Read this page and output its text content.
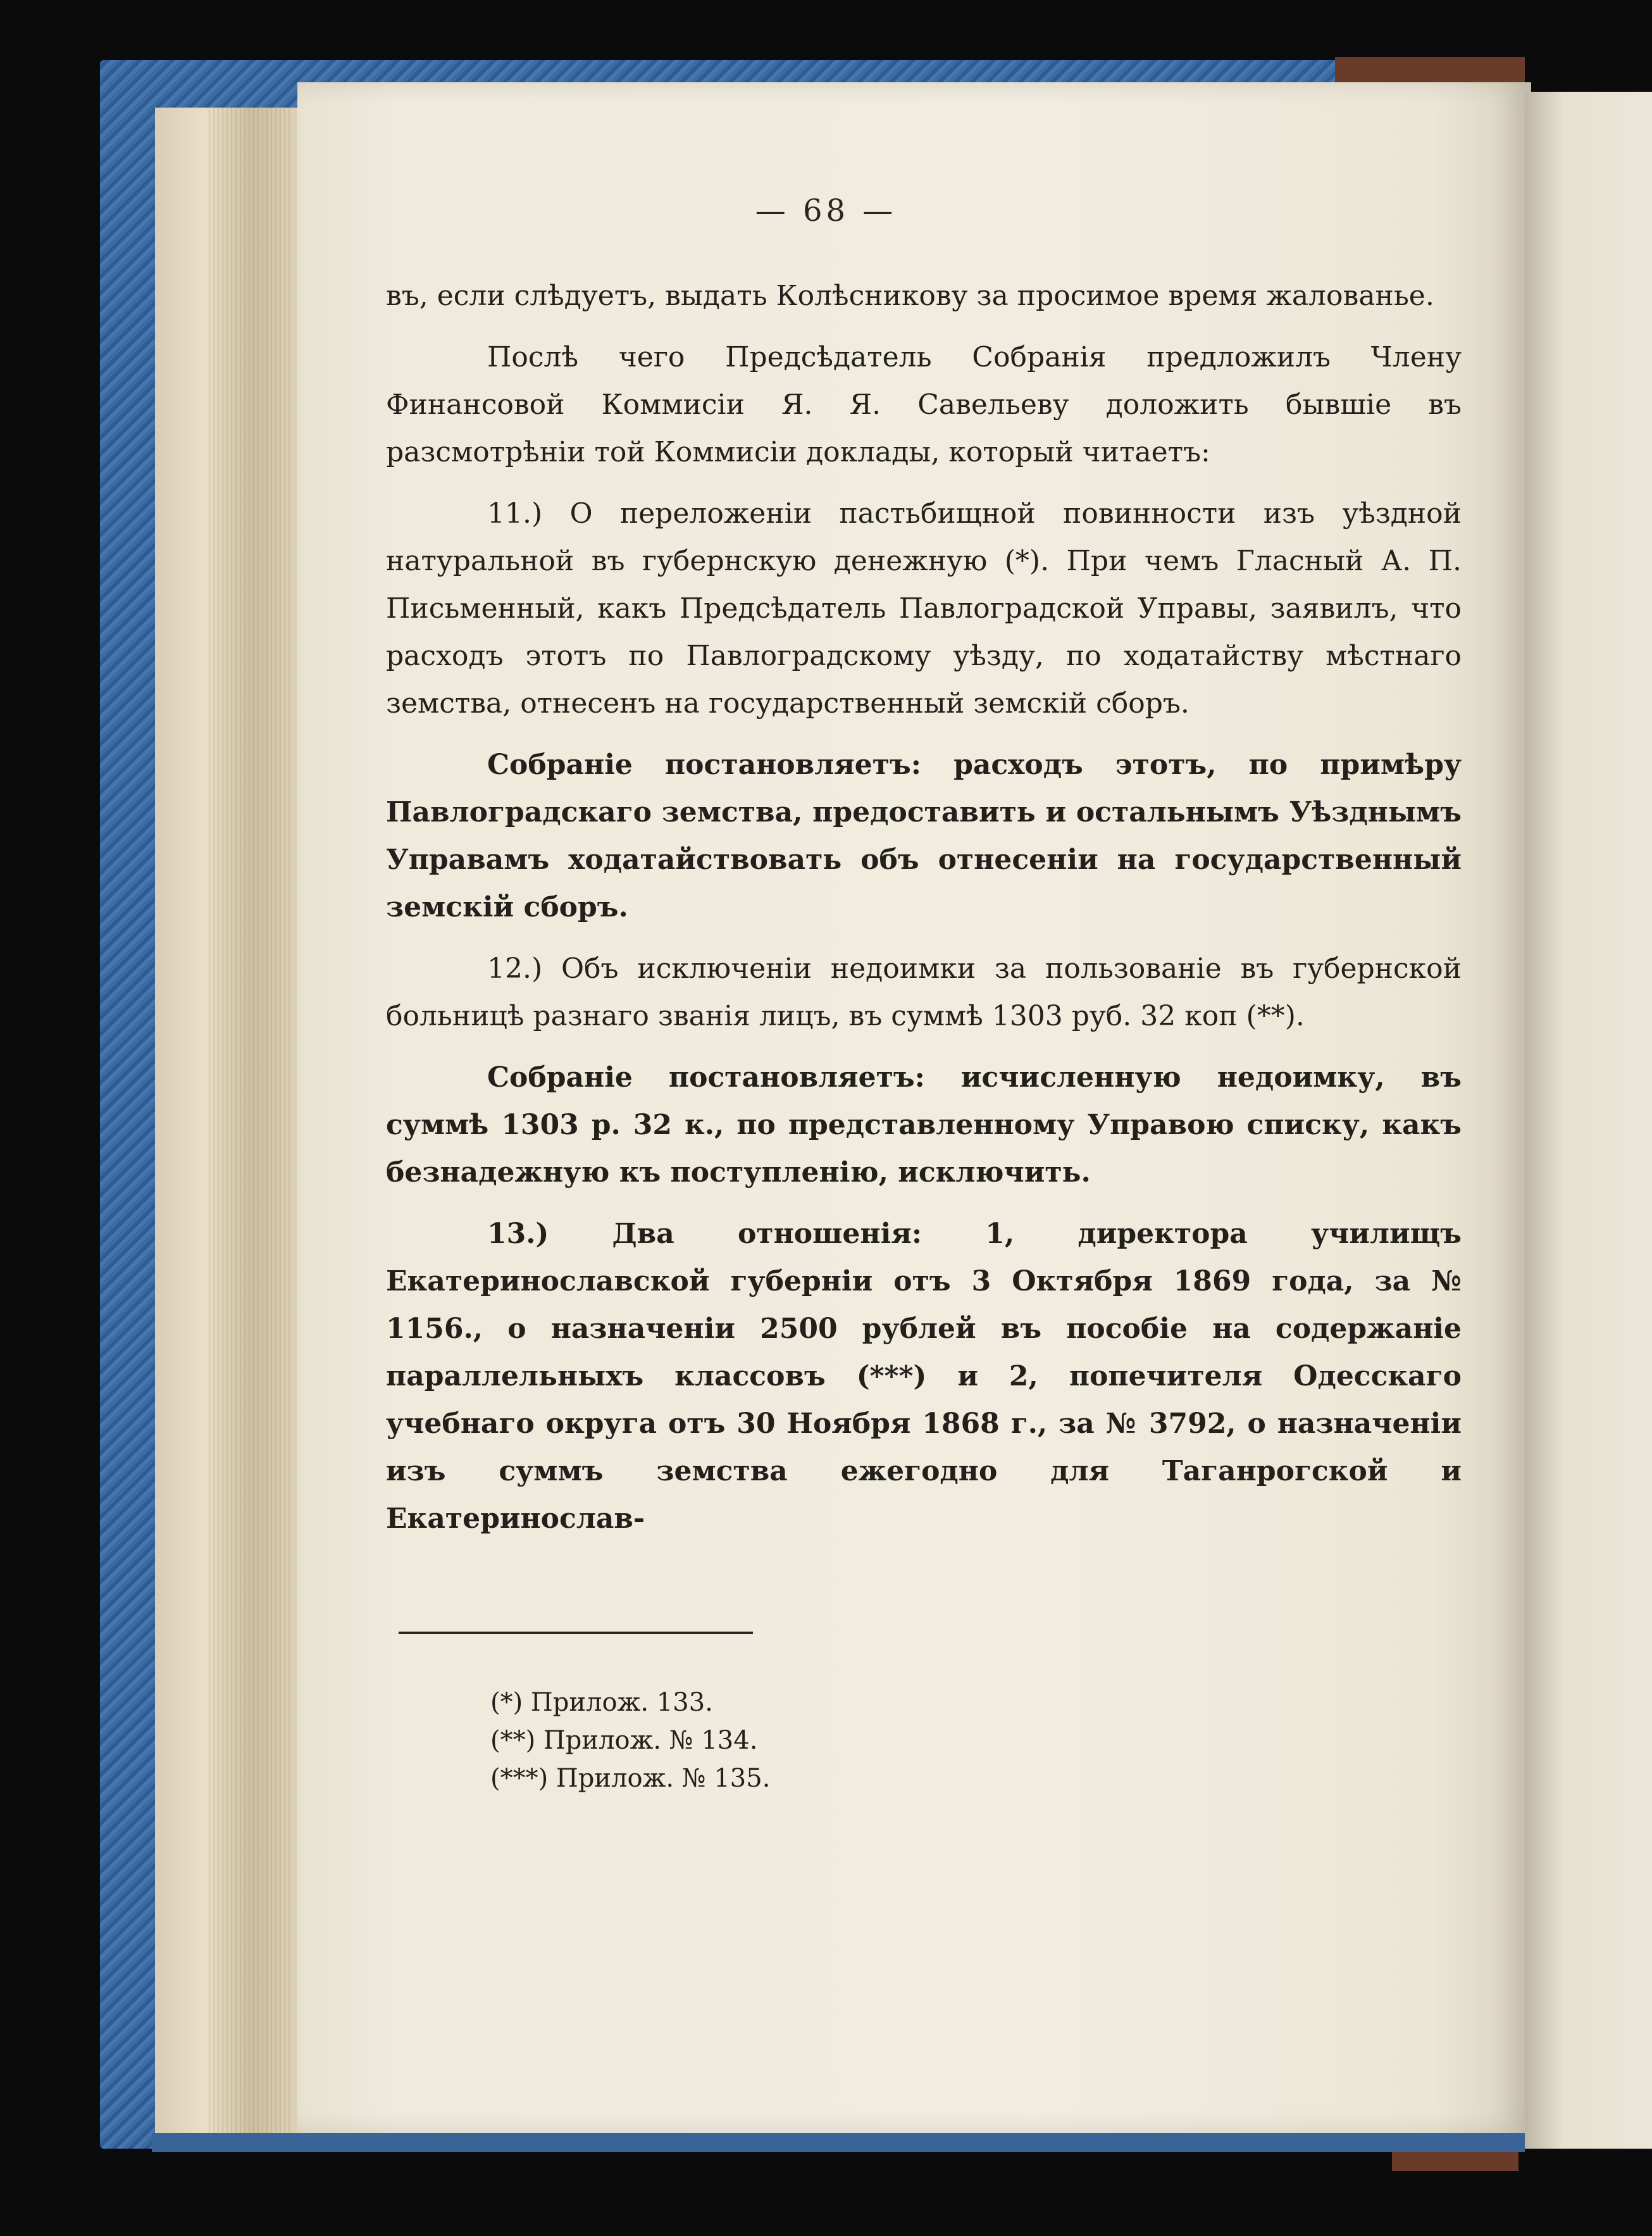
— 68 —

въ, если слѣдуетъ, выдать Колѣсникову за просимое время жалованье.

Послѣ чего Предсѣдатель Собранія предложилъ Члену Финансовой Коммисіи Я. Я. Савельеву доложить бывшіе въ разсмотрѣніи той Коммисіи доклады, который читаетъ:

11.) О переложеніи пастьбищной повинности изъ уѣздной натуральной въ губернскую денежную (*). При чемъ Гласный А. П. Письменный, какъ Предсѣдатель Павлоградской Управы, заявилъ, что расходъ этотъ по Павлоградскому уѣзду, по ходатайству мѣстнаго земства, отнесенъ на государственный земскій сборъ.

Собраніе постановляетъ: расходъ этотъ, по примѣру Павлоградскаго земства, предоставить и остальнымъ Уѣзднымъ Управамъ ходатайствовать объ отнесеніи на государственный земскій сборъ.

12.) Объ исключеніи недоимки за пользованіе въ губернской больницѣ разнаго званія лицъ, въ суммѣ 1303 руб. 32 коп (**).

Собраніе постановляетъ: исчисленную недоимку, въ суммѣ 1303 р. 32 к., по представленному Управою списку, какъ безнадежную къ поступленію, исключить.

13.) Два отношенія: 1, директора училищъ Екатеринославской губерніи отъ 3 Октября 1869 года, за № 1156., о назначеніи 2500 рублей въ пособіе на содержаніе параллельныхъ классовъ (***) и 2, попечителя Одесскаго учебнаго округа отъ 30 Ноября 1868 г., за № 3792, о назначеніи изъ суммъ земства ежегодно для Таганрогской и Екатеринослав-

(*) Прилож. 133.
(**) Прилож. № 134.
(***) Прилож. № 135.
